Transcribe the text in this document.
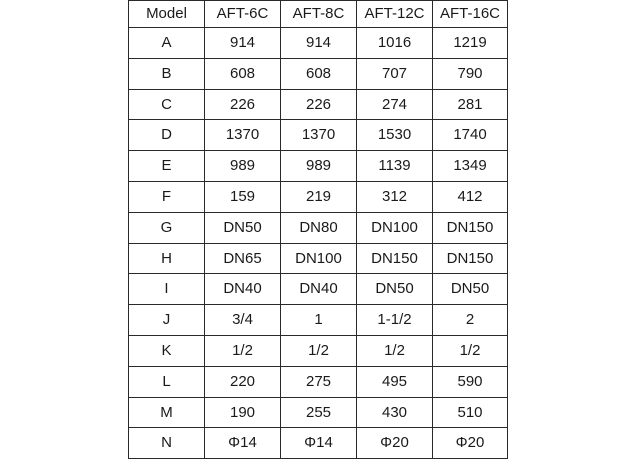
Model	AFT-6C	AFT-8C	AFT-12C	AFT-16C
A	914	914	1016	1219
B	608	608	707	790
C	226	226	274	281
D	1370	1370	1530	1740
E	989	989	1139	1349
F	159	219	312	412
G	DN50	DN80	DN100	DN150
H	DN65	DN100	DN150	DN150
I	DN40	DN40	DN50	DN50
J	3/4	1	1-1/2	2
K	1/2	1/2	1/2	1/2
L	220	275	495	590
M	190	255	430	510
N	Φ14	Φ14	Φ20	Φ20
